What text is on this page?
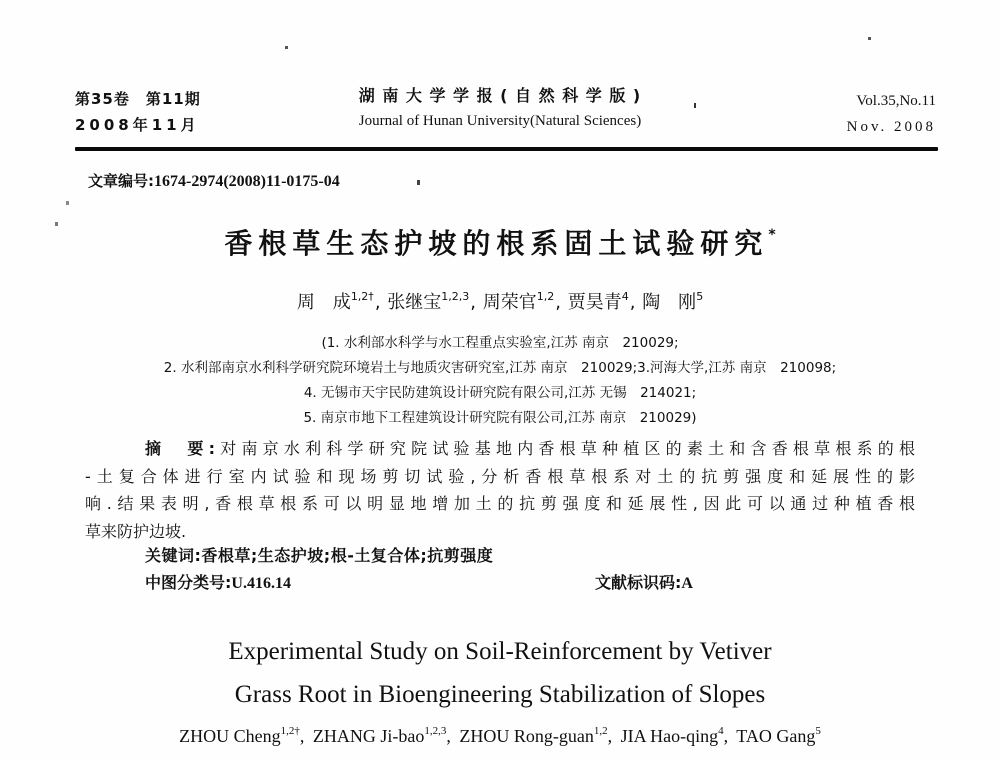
第35卷　第11期
2008年11月
湖 南 大 学 学 报 ( 自 然 科 学 版 )
Journal of Hunan University(Natural Sciences)
Vol.35,No.11
Nov. 2008
文章编号:1674-2974(2008)11-0175-04
香根草生态护坡的根系固土试验研究*
周　成$^{1,2\dagger}$, 张继宝$^{1,2,3}$, 周荣官$^{1,2}$, 贾昊青$^4$, 陶　刚$^5$
(1. 水利部水科学与水工程重点实验室,江苏 南京　210029;
2. 水利部南京水利科学研究院环境岩土与地质灾害研究室,江苏 南京　210029;3.河海大学,江苏 南京　210098;
4. 无锡市天宇民防建筑设计研究院有限公司,江苏 无锡　214021;
5. 南京市地下工程建筑设计研究院有限公司,江苏 南京　210029)
摘　要:对南京水利科学研究院试验基地内香根草种植区的素土和含香根草根系的根
-土复合体进行室内试验和现场剪切试验,分析香根草根系对土的抗剪强度和延展性的影
响.结果表明,香根草根系可以明显地增加土的抗剪强度和延展性,因此可以通过种植香根
草来防护边坡.
关键词:香根草;生态护坡;根-土复合体;抗剪强度
中图分类号:U.416.14	文献标识码:A
Experimental Study on Soil-Reinforcement by Vetiver
Grass Root in Bioengineering Stabilization of Slopes
ZHOU Cheng$^{1,2\dagger}$, ZHANG Ji-bao$^{1,2,3}$, ZHOU Rong-guan$^{1,2}$, JIA Hao-qing$^4$, TAO Gang$^5$
